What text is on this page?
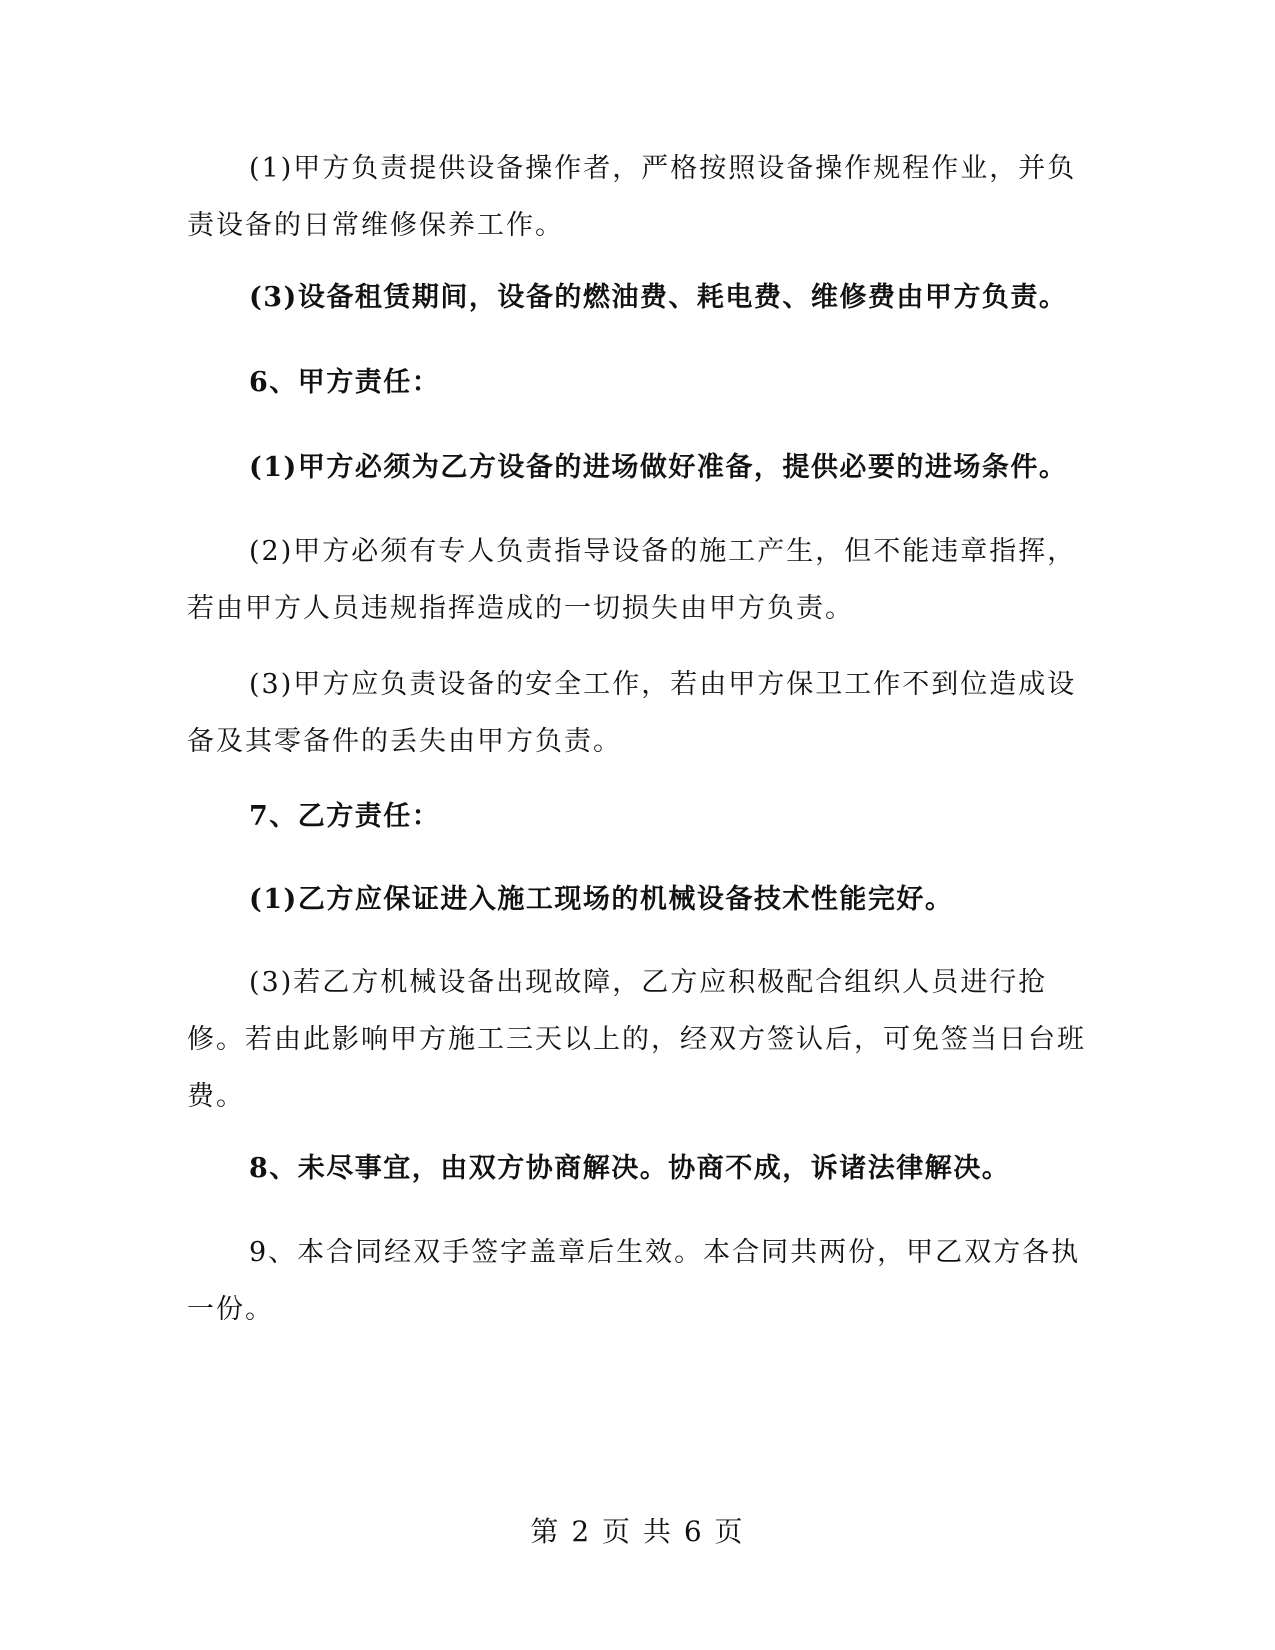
(1)甲方负责提供设备操作者，严格按照设备操作规程作业，并负责设备的日常维修保养工作。

(3)设备租赁期间，设备的燃油费、耗电费、维修费由甲方负责。

6、甲方责任：

(1)甲方必须为乙方设备的进场做好准备，提供必要的进场条件。

(2)甲方必须有专人负责指导设备的施工产生，但不能违章指挥，若由甲方人员违规指挥造成的一切损失由甲方负责。

(3)甲方应负责设备的安全工作，若由甲方保卫工作不到位造成设备及其零备件的丢失由甲方负责。

7、乙方责任：

(1)乙方应保证进入施工现场的机械设备技术性能完好。

(3)若乙方机械设备出现故障，乙方应积极配合组织人员进行抢修。若由此影响甲方施工三天以上的，经双方签认后，可免签当日台班费。

8、未尽事宜，由双方协商解决。协商不成，诉诸法律解决。

9、本合同经双手签字盖章后生效。本合同共两份，甲乙双方各执一份。

第 2 页 共 6 页
